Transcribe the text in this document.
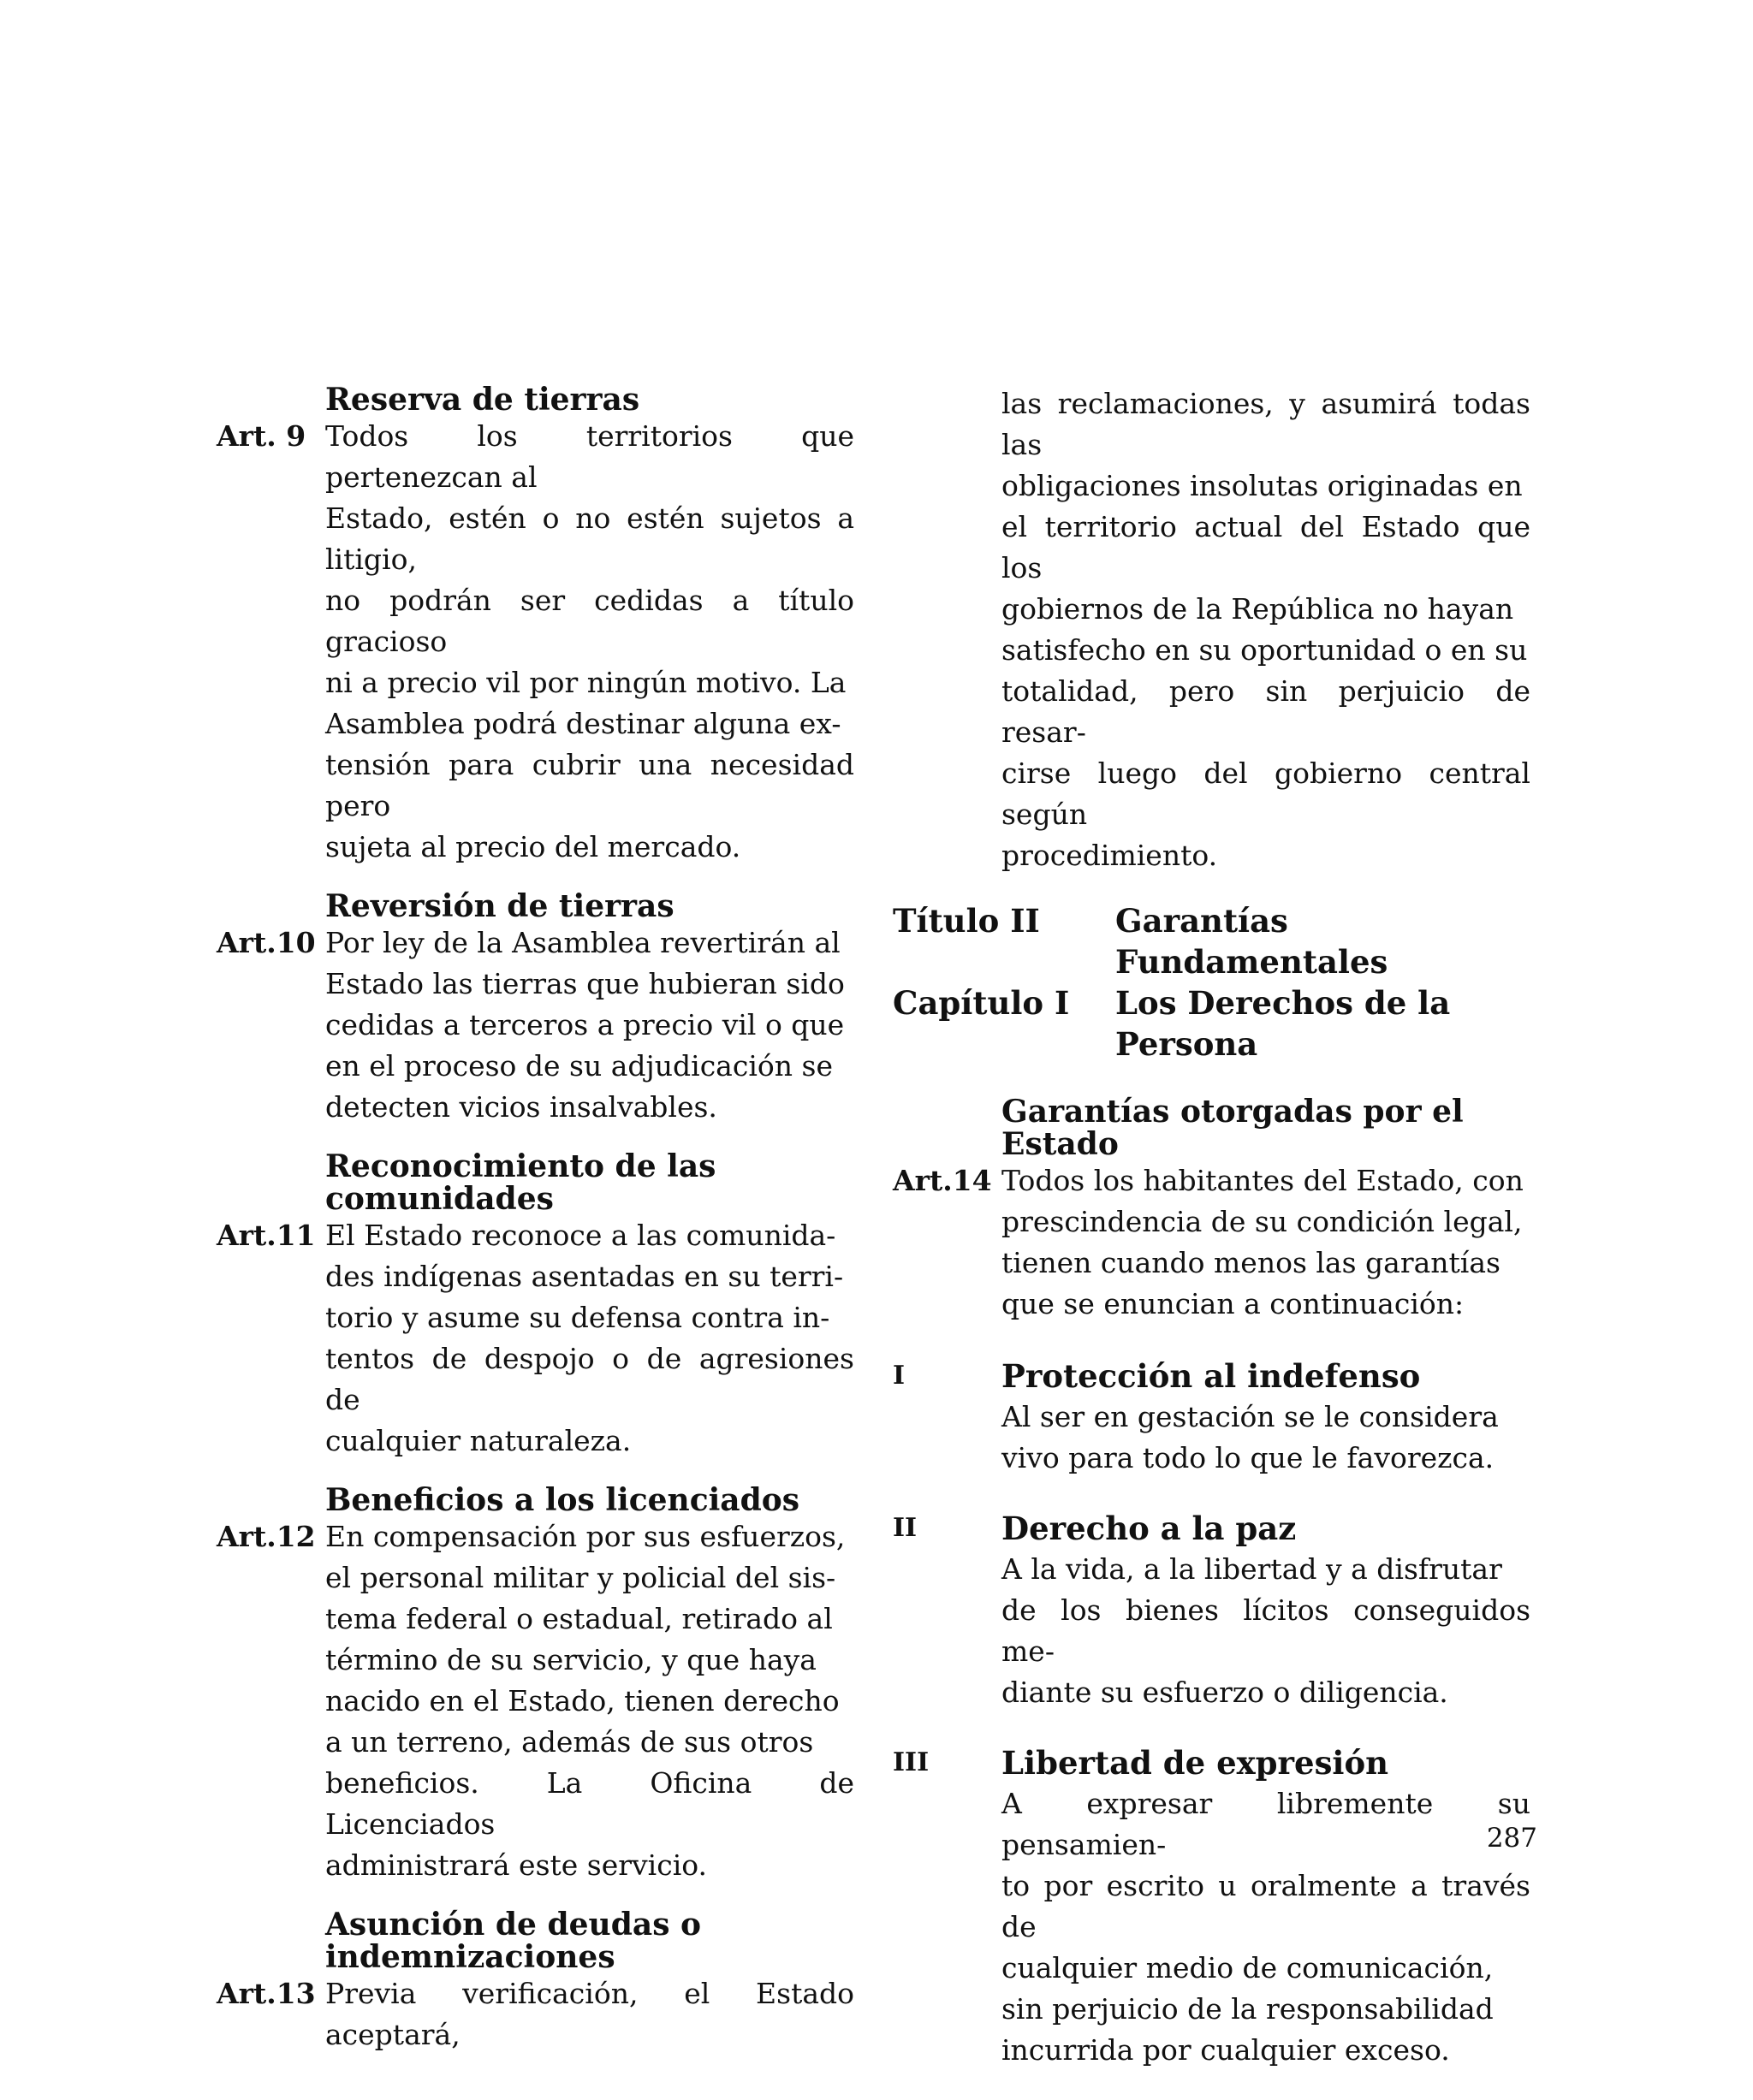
Reserva de tierras
Art. 9 Todos los territorios que pertenezcan al
Estado, estén o no estén sujetos a litigio,
no podrán ser cedidas a título gracioso
ni a precio vil por ningún motivo. La
Asamblea podrá destinar alguna ex-
tensión para cubrir una necesidad pero
sujeta al precio del mercado.
Reversión de tierras
Art.10 Por ley de la Asamblea revertirán al
Estado las tierras que hubieran sido
cedidas a terceros a precio vil o que
en el proceso de su adjudicación se
detecten vicios insalvables.
Reconocimiento de las
comunidades
Art.11 El Estado reconoce a las comunida-
des indígenas asentadas en su terri-
torio y asume su defensa contra in-
tentos de despojo o de agresiones de
cualquier naturaleza.
Beneficios a los licenciados
Art.12 En compensación por sus esfuerzos,
el personal militar y policial del sis-
tema federal o estadual, retirado al
término de su servicio, y que haya
nacido en el Estado, tienen derecho
a un terreno, además de sus otros
beneficios. La Oficina de Licenciados
administrará este servicio.
Asunción de deudas o
indemnizaciones
Art.13 Previa verificación, el Estado aceptará,
las reclamaciones, y asumirá todas las
obligaciones insolutas originadas en
el territorio actual del Estado que los
gobiernos de la República no hayan
satisfecho en su oportunidad o en su
totalidad, pero sin perjuicio de resar-
cirse luego del gobierno central según
procedimiento.
Título II	Garantías
Fundamentales
Capítulo I	Los Derechos de la
Persona
Garantías otorgadas por el Estado
Art.14 Todos los habitantes del Estado, con
prescindencia de su condición legal,
tienen cuando menos las garantías
que se enuncian a continuación:
I	Protección al indefenso
Al ser en gestación se le considera
vivo para todo lo que le favorezca.
II	Derecho a la paz
A la vida, a la libertad y a disfrutar
de los bienes lícitos conseguidos me-
diante su esfuerzo o diligencia.
III	Libertad de expresión
A expresar libremente su pensamien-
to por escrito u oralmente a través de
cualquier medio de comunicación,
sin perjuicio de la responsabilidad
incurrida por cualquier exceso.
287
